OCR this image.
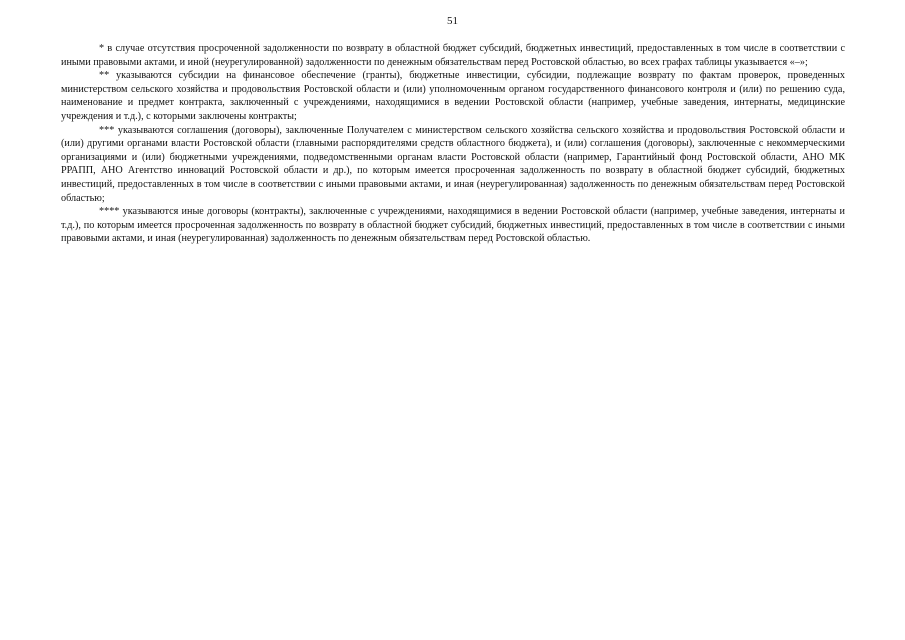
51

* в случае отсутствия просроченной задолженности по возврату в областной бюджет субсидий, бюджетных инвестиций, предоставленных в том числе в соответствии с иными правовыми актами, и иной (неурегулированной) задолженности по денежным обязательствам перед Ростовской областью, во всех графах таблицы указывается «–»;

** указываются субсидии на финансовое обеспечение (гранты), бюджетные инвестиции, субсидии, подлежащие возврату по фактам проверок, проведенных министерством сельского хозяйства и продовольствия Ростовской области и (или) уполномоченным органом государственного финансового контроля и (или) по решению суда, наименование и предмет контракта, заключенный с учреждениями, находящимися в ведении Ростовской области (например, учебные заведения, интернаты, медицинские учреждения и т.д.), с которыми заключены контракты;

*** указываются соглашения (договоры), заключенные Получателем с министерством сельского хозяйства сельского хозяйства и продовольствия Ростовской области и (или) другими органами власти Ростовской области (главными распорядителями средств областного бюджета), и (или) соглашения (договоры), заключенные с некоммерческими организациями и (или) бюджетными учреждениями, подведомственными органам власти Ростовской области (например, Гарантийный фонд Ростовской области, АНО МК РРАПП, АНО Агентство инноваций Ростовской области и др.), по которым имеется просроченная задолженность по возврату в областной бюджет субсидий, бюджетных инвестиций, предоставленных в том числе в соответствии с иными правовыми актами, и иная (неурегулированная) задолженность по денежным обязательствам перед Ростовской областью;

**** указываются иные договоры (контракты), заключенные с учреждениями, находящимися в ведении Ростовской области (например, учебные заведения, интернаты и т.д.), по которым имеется просроченная задолженность по возврату в областной бюджет субсидий, бюджетных инвестиций, предоставленных в том числе в соответствии с иными правовыми актами, и иная (неурегулированная) задолженность по денежным обязательствам перед Ростовской областью.
